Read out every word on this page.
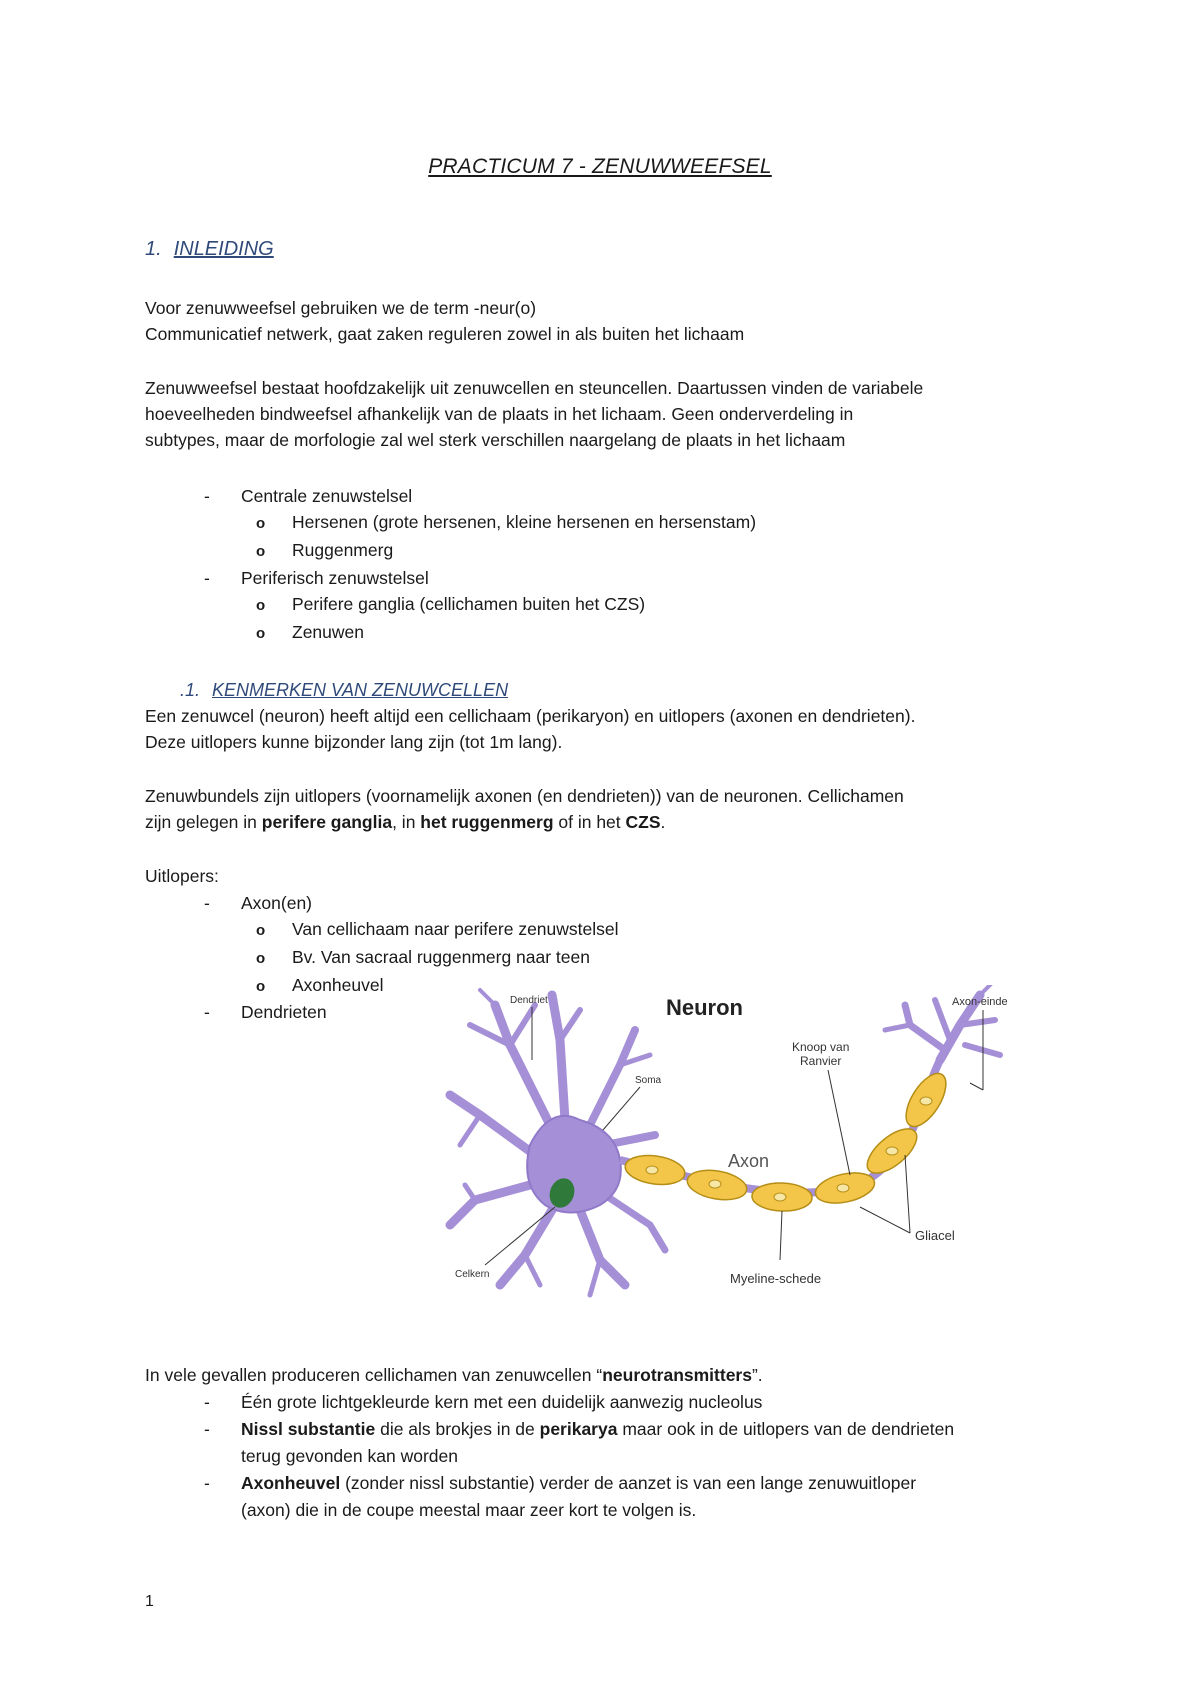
PRACTICUM 7 - ZENUWWEEFSEL
1. INLEIDING
Voor zenuwweefsel gebruiken we de term -neur(o)
Communicatief netwerk, gaat zaken reguleren zowel in als buiten het lichaam
Zenuwweefsel bestaat hoofdzakelijk uit zenuwcellen en steuncellen. Daartussen vinden de variabele
hoeveelheden bindweefsel afhankelijk van de plaats in het lichaam. Geen onderverdeling in
subtypes, maar de morfologie zal wel sterk verschillen naargelang de plaats in het lichaam
- Centrale zenuwstelsel
o Hersenen (grote hersenen, kleine hersenen en hersenstam)
o Ruggenmerg
- Periferisch zenuwstelsel
o Perifere ganglia (cellichamen buiten het CZS)
o Zenuwen
.1. KENMERKEN VAN ZENUWCELLEN
Een zenuwcel (neuron) heeft altijd een cellichaam (perikaryon) en uitlopers (axonen en dendrieten).
Deze uitlopers kunne bijzonder lang zijn (tot 1m lang).
Zenuwbundels zijn uitlopers (voornamelijk axonen (en dendrieten)) van de neuronen. Cellichamen
zijn gelegen in perifere ganglia, in het ruggenmerg of in het CZS.
Uitlopers:
- Axon(en)
o Van cellichaam naar perifere zenuwstelsel
o Bv. Van sacraal ruggenmerg naar teen
o Axonheuvel
- Dendrieten	Neuron
Dendriet
Soma
Celkern
Axon
Knoop van
Ranvier
Axon-einde
Gliacel
Myeline-schede
In vele gevallen produceren cellichamen van zenuwcellen “neurotransmitters”.
- Één grote lichtgekleurde kern met een duidelijk aanwezig nucleolus
- Nissl substantie die als brokjes in de perikarya maar ook in de uitlopers van de dendrieten
terug gevonden kan worden
- Axonheuvel (zonder nissl substantie) verder de aanzet is van een lange zenuwuitloper
(axon) die in de coupe meestal maar zeer kort te volgen is.
1
